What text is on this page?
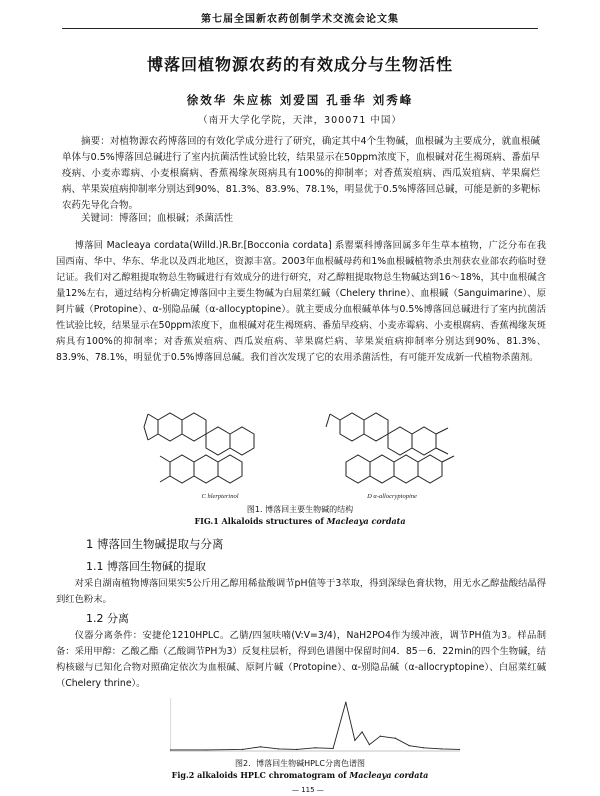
第七届全国新农药创制学术交流会论文集
博落回植物源农药的有效成分与生物活性
徐效华 朱应栋 刘爱国 孔垂华 刘秀峰
（南开大学化学院，天津，300071 中国）
摘要：对植物源农药博落回的有效化学成分进行了研究，确定其中4个生物碱，血根碱为主要成分，就血根碱单体与0.5%博落回总碱进行了室内抗菌活性试验比较，结果显示在50ppm浓度下，血根碱对花生褐斑病、番茄早疫病、小麦赤霉病、小麦根腐病、香蕉褐缘灰斑病具有100%的抑制率；对香蕉炭疽病、西瓜炭疽病、苹果腐烂病、苹果炭疽病抑制率分别达到90%、81.3%、83.9%、78.1%，明显优于0.5%博落回总碱，可能是新的多靶标农药先导化合物。
关键词：博落回；血根碱；杀菌活性
博落回 Macleaya cordata(Willd.)R.Br.[Bocconia cordata] 系罂粟科博落回属多年生草本植物，广泛分布在我国西南、华中、华东、华北以及西北地区，资源丰富。2003年血根碱母药和1%血根碱植物杀虫剂获农业部农药临时登记证。我们对乙醇粗提取物总生物碱进行有效成分的进行研究，对乙醇粗提取物总生物碱达到16～18%，其中血根碱含量12%左右，通过结构分析确定博落回中主要生物碱为白屈菜红碱（Chelery thrine）、血根碱（Sanguimarine）、原阿片碱（Protopine）、α-别隐品碱（α-allocyptopine）。就主要成分血根碱单体与0.5%博落回总碱进行了室内抗菌活性试验比较，结果显示在50ppm浓度下，血根碱对花生褐斑病、番茄早疫病、小麦赤霉病、小麦根腐病、香蕉褐缘灰斑病具有100%的抑制率；对香蕉炭疽病、西瓜炭疽病、苹果腐烂病、苹果炭疽病抑制率分别达到90%、81.3%、83.9%、78.1%，明显优于0.5%博落回总碱。我们首次发现了它的农用杀菌活性，有可能开发成新一代植物杀菌剂。
C hlerpterinol	D α-allocryptopine
图1. 博落回主要生物碱的结构
FIG.1 Alkaloids structures of Macleaya cordata
1 博落回生物碱提取与分离
1.1 博落回生物碱的提取
对采自湖南植物博落回果实5公斤用乙醇用稀盐酸调节pH值等于3萃取，得到深绿色膏状物，用无水乙醇盐酸结晶得到红色粉末。
1.2 分离
仪器分离条件：安捷伦1210HPLC。乙腈/四氢呋喃(V:V=3/4)，NaH2PO4作为缓冲液，调节PH值为3。样品制备：采用甲醇：乙酸乙酯（乙酸调节PH为3）反复柱层析，得到色谱图中保留时间4．85－6．22min的四个生物碱，结构核磁与已知化合物对照确定依次为血根碱、原阿片碱（Protopine）、α-别隐品碱（α-allocryptopine）、白屈菜红碱（Chelery thrine）。
图2．博落回生物碱HPLC分离色谱图
Fig.2 alkaloids HPLC chromatogram of Macleaya cordata
— 115 —
